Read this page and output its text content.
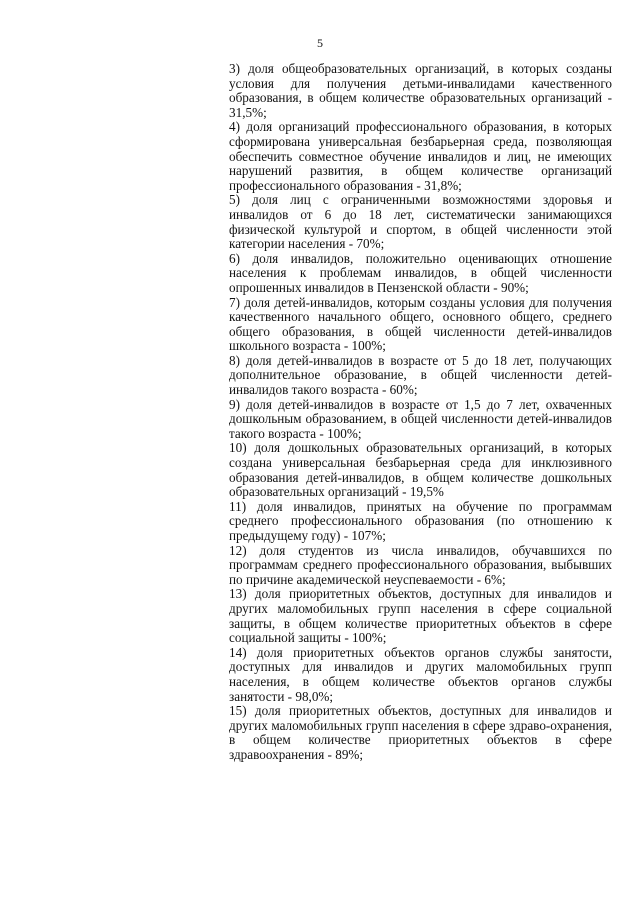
5

3) доля общеобразовательных организаций, в которых созданы условия для получения детьми-инвалидами качественного образования, в общем количестве образовательных организаций - 31,5%;

4) доля организаций профессионального образования, в которых сформирована универсальная безбарьерная среда, позволяющая обеспечить совместное обучение инвалидов и лиц, не имеющих нарушений развития, в общем количестве организаций профессионального образования - 31,8%;

5) доля лиц с ограниченными возможностями здоровья и инвалидов от 6 до 18 лет, систематически занимающихся физической культурой и спортом, в общей численности этой категории населения - 70%;

6) доля инвалидов, положительно оценивающих отношение населения к проблемам инвалидов, в общей численности опрошенных инвалидов в Пензенской области - 90%;

7) доля детей-инвалидов, которым созданы условия для получения качественного начального общего, основного общего, среднего общего образования, в общей численности детей-инвалидов школьного возраста - 100%;

8) доля детей-инвалидов в возрасте от 5 до 18 лет, получающих дополнительное образование, в общей численности детей-инвалидов такого возраста - 60%;

9) доля детей-инвалидов в возрасте от 1,5 до 7 лет, охваченных дошкольным образованием, в общей численности детей-инвалидов такого возраста - 100%;

10) доля дошкольных образовательных организаций, в которых создана универсальная безбарьерная среда для инклюзивного образования детей-инвалидов, в общем количестве дошкольных образовательных организаций - 19,5%

11) доля инвалидов, принятых на обучение по программам среднего профессионального образования (по отношению к предыдущему году) - 107%;

12) доля студентов из числа инвалидов, обучавшихся по программам среднего профессионального образования, выбывших по причине академической неуспеваемости - 6%;

13) доля приоритетных объектов, доступных для инвалидов и других маломобильных групп населения в сфере социальной защиты, в общем количестве приоритетных объектов в сфере социальной защиты - 100%;

14) доля приоритетных объектов органов службы занятости, доступных для инвалидов и других маломобильных групп населения, в общем количестве объектов органов службы занятости - 98,0%;

15) доля приоритетных объектов, доступных для инвалидов и других маломобильных групп населения в сфере здраво-охранения, в общем количестве приоритетных объектов в сфере здравоохранения - 89%;
